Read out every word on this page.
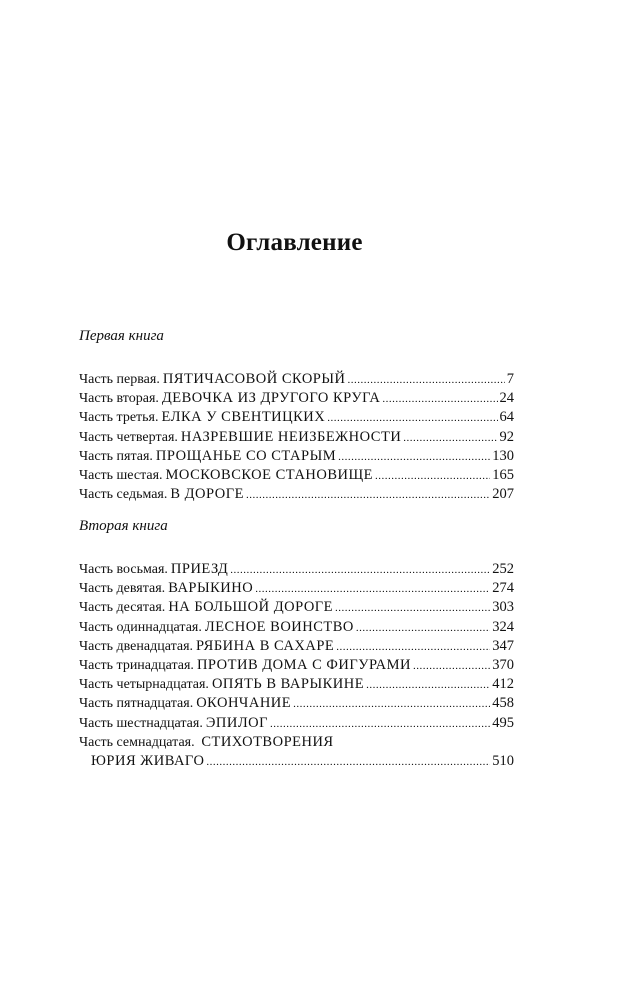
Оглавление
Первая книга
Часть первая. ПЯТИЧАСОВОЙ СКОРЫЙ .....	7
Часть вторая. ДЕВОЧКА ИЗ ДРУГОГО КРУГА .....	24
Часть третья. ЕЛКА У СВЕНТИЦКИХ .....	64
Часть четвертая. НАЗРЕВШИЕ НЕИЗБЕЖНОСТИ .....	92
Часть пятая. ПРОЩАНЬЕ СО СТАРЫМ .....	130
Часть шестая. МОСКОВСКОЕ СТАНОВИЩЕ .....	165
Часть седьмая. В ДОРОГЕ .....	207
Вторая книга
Часть восьмая. ПРИЕЗД .....	252
Часть девятая. ВАРЫКИНО .....	274
Часть десятая. НА БОЛЬШОЙ ДОРОГЕ .....	303
Часть одиннадцатая. ЛЕСНОЕ ВОИНСТВО .....	324
Часть двенадцатая. РЯБИНА В САХАРЕ .....	347
Часть тринадцатая. ПРОТИВ ДОМА С ФИГУРАМИ .....	370
Часть четырнадцатая. ОПЯТЬ В ВАРЫКИНЕ .....	412
Часть пятнадцатая. ОКОНЧАНИЕ .....	458
Часть шестнадцатая. ЭПИЛОГ .....	495
Часть семнадцатая. СТИХОТВОРЕНИЯ
ЮРИЯ ЖИВАГО .....	510
